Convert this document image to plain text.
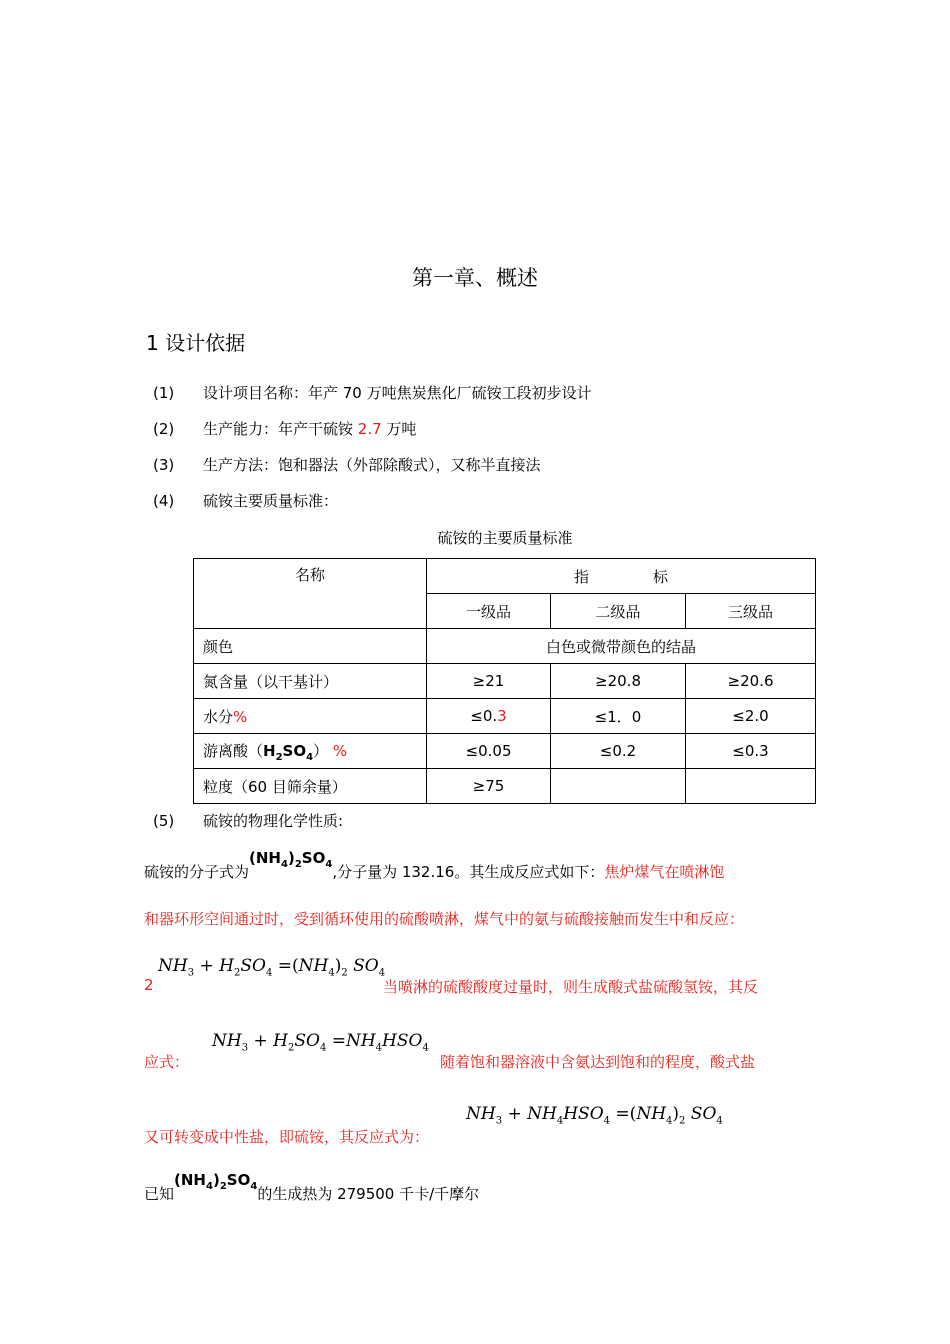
第一章、概述
1 设计依据
(1) 设计项目名称：年产 70 万吨焦炭焦化厂硫铵工段初步设计
(2) 生产能力：年产干硫铵 2.7 万吨
(3) 生产方法：饱和器法（外部除酸式），又称半直接法
(4) 硫铵主要质量标准：
硫铵的主要质量标准
名称	指 标		
	一级品	二级品	三级品
颜色	白色或微带颜色的结晶		
氮含量（以干基计）	≥21	≥20.8	≥20.6
水分%	≤0.3	≤1．0	≤2.0
游离酸$(H_2SO_4)$ %	≤0.05	≤0.2	≤0.3
粒度（60 目筛余量）	≥75		
(5) 硫铵的物理化学性质:
硫铵的分子式为$(NH_4)_2SO_4$,分子量为 132.16。其生成反应式如下：焦炉煤气在喷淋饱
和器环形空间通过时，受到循环使用的硫酸喷淋，煤气中的氨与硫酸接触而发生中和反应：
$NH_3 + H_2SO_4 =(NH_4)_2$ $SO_4$
2	当喷淋的硫酸酸度过量时，则生成酸式盐硫酸氢铵，其反
$NH_3 + H_2SO_4 =NH_4HSO_4$
应式：	随着饱和器溶液中含氨达到饱和的程度，酸式盐
$NH_3 + NH_4HSO_4 =(NH_4)_2$ $SO_4$
又可转变成中性盐，即硫铵，其反应式为：
已知$(NH_4)_2SO_4$的生成热为 279500 千卡/千摩尔
